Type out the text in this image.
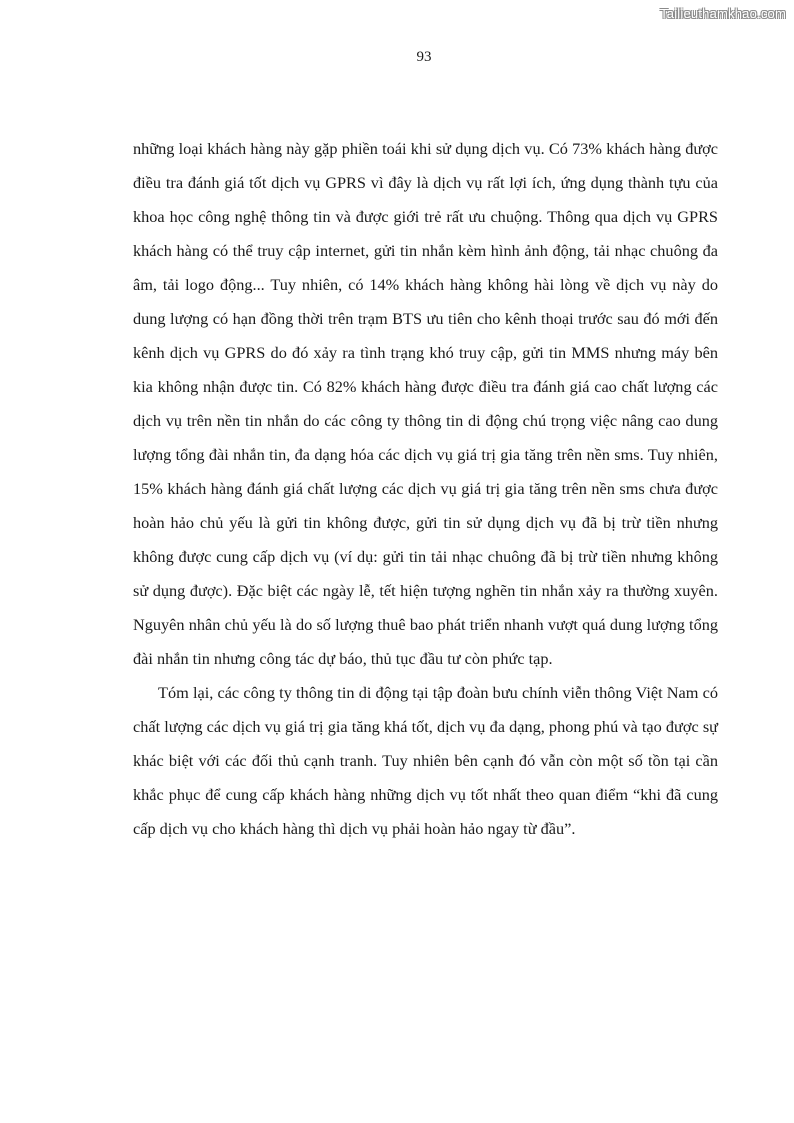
Tailieuthamkhao.com
93

những loại khách hàng này gặp phiền toái khi sử dụng dịch vụ. Có 73% khách hàng được điều tra đánh giá tốt dịch vụ GPRS vì đây là dịch vụ rất lợi ích, ứng dụng thành tựu của khoa học công nghệ thông tin và được giới trẻ rất ưu chuộng. Thông qua dịch vụ GPRS khách hàng có thể truy cập internet, gửi tin nhắn kèm hình ảnh động, tải nhạc chuông đa âm, tải logo động... Tuy nhiên, có 14% khách hàng không hài lòng về dịch vụ này do dung lượng có hạn đồng thời trên trạm BTS ưu tiên cho kênh thoại trước sau đó mới đến kênh dịch vụ GPRS do đó xảy ra tình trạng khó truy cập, gửi tin MMS nhưng máy bên kia không nhận được tin. Có 82% khách hàng được điều tra đánh giá cao chất lượng các dịch vụ trên nền tin nhắn do các công ty thông tin di động chú trọng việc nâng cao dung lượng tổng đài nhắn tin, đa dạng hóa các dịch vụ giá trị gia tăng trên nền sms. Tuy nhiên, 15% khách hàng đánh giá chất lượng các dịch vụ giá trị gia tăng trên nền sms chưa được hoàn hảo chủ yếu là gửi tin không được, gửi tin sử dụng dịch vụ đã bị trừ tiền nhưng không được cung cấp dịch vụ (ví dụ: gửi tin tải nhạc chuông đã bị trừ tiền nhưng không sử dụng được). Đặc biệt các ngày lễ, tết hiện tượng nghẽn tin nhắn xảy ra thường xuyên. Nguyên nhân chủ yếu là do số lượng thuê bao phát triển nhanh vượt quá dung lượng tổng đài nhắn tin nhưng công tác dự báo, thủ tục đầu tư còn phức tạp.

Tóm lại, các công ty thông tin di động tại tập đoàn bưu chính viễn thông Việt Nam có chất lượng các dịch vụ giá trị gia tăng khá tốt, dịch vụ đa dạng, phong phú và tạo được sự khác biệt với các đối thủ cạnh tranh. Tuy nhiên bên cạnh đó vẫn còn một số tồn tại cần khắc phục để cung cấp khách hàng những dịch vụ tốt nhất theo quan điểm “khi đã cung cấp dịch vụ cho khách hàng thì dịch vụ phải hoàn hảo ngay từ đầu”.
